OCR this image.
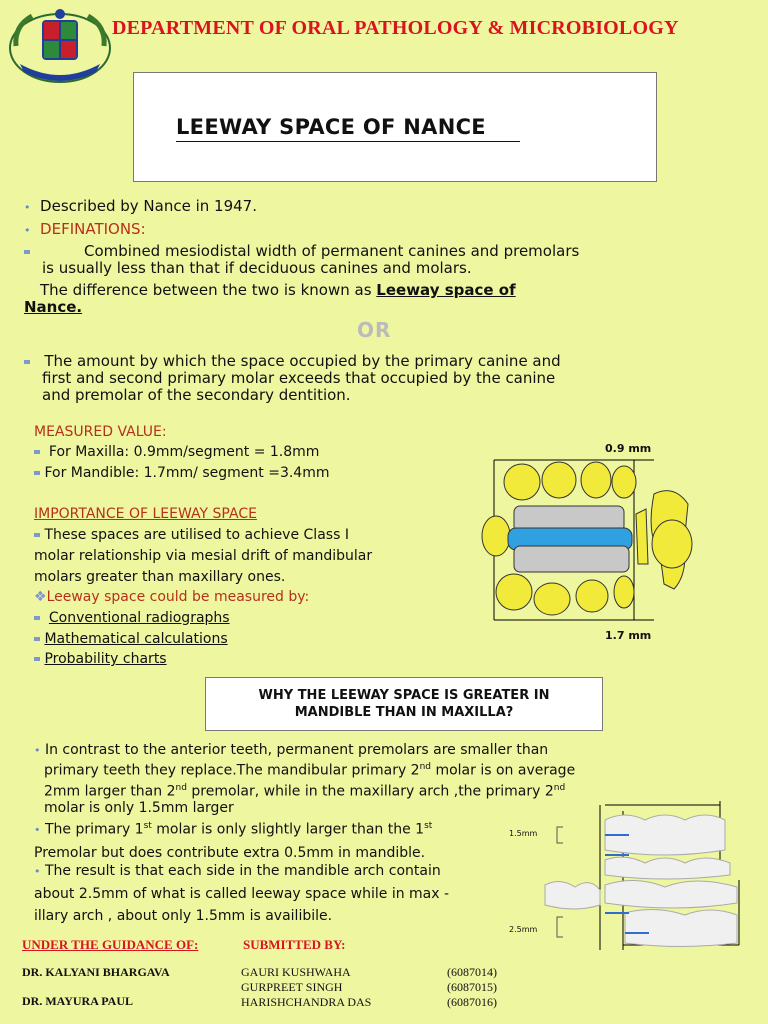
DEPARTMENT OF ORAL PATHOLOGY & MICROBIOLOGY
LEEWAY SPACE OF NANCE
• Described by Nance in 1947.
• DEFINATIONS:
Combined mesiodistal width of permanent canines and premolars
is usually less than that if deciduous canines and molars.
The difference between the two is known as Leeway space of
Nance.
OR
The amount by which the space occupied by the primary canine and
first and second primary molar exceeds that occupied by the canine
and premolar of the secondary dentition.
MEASURED VALUE:
For Maxilla: 0.9mm/segment = 1.8mm
For Mandible: 1.7mm/ segment =3.4mm
IMPORTANCE OF LEEWAY SPACE
These spaces are utilised to achieve Class I
molar relationship via mesial drift of mandibular
molars greater than maxillary ones.
❖Leeway space could be measured by:
Conventional radiographs
Mathematical calculations
Probability charts
0.9 mm
1.7 mm
WHY THE LEEWAY SPACE IS GREATER IN
MANDIBLE THAN IN MAXILLA?
• In contrast to the anterior teeth, permanent premolars are smaller than
primary teeth they replace.The mandibular primary 2nd molar is on average
2mm larger than 2nd premolar, while in the maxillary arch ,the primary 2nd
molar is only 1.5mm larger
• The primary 1st molar is only slightly larger than the 1st
Premolar but does contribute extra 0.5mm in mandible.
• The result is that each side in the mandible arch contain
about 2.5mm of what is called leeway space while in max -
illary arch , about only 1.5mm is availibile.
1.5mm
2.5mm
UNDER THE GUIDANCE OF:	SUBMITTED BY:
DR. KALYANI BHARGAVA
DR. MAYURA PAUL
GAURI KUSHWAHA
GURPREET SINGH
HARISHCHANDRA DAS
(6087014)
(6087015)
(6087016)
